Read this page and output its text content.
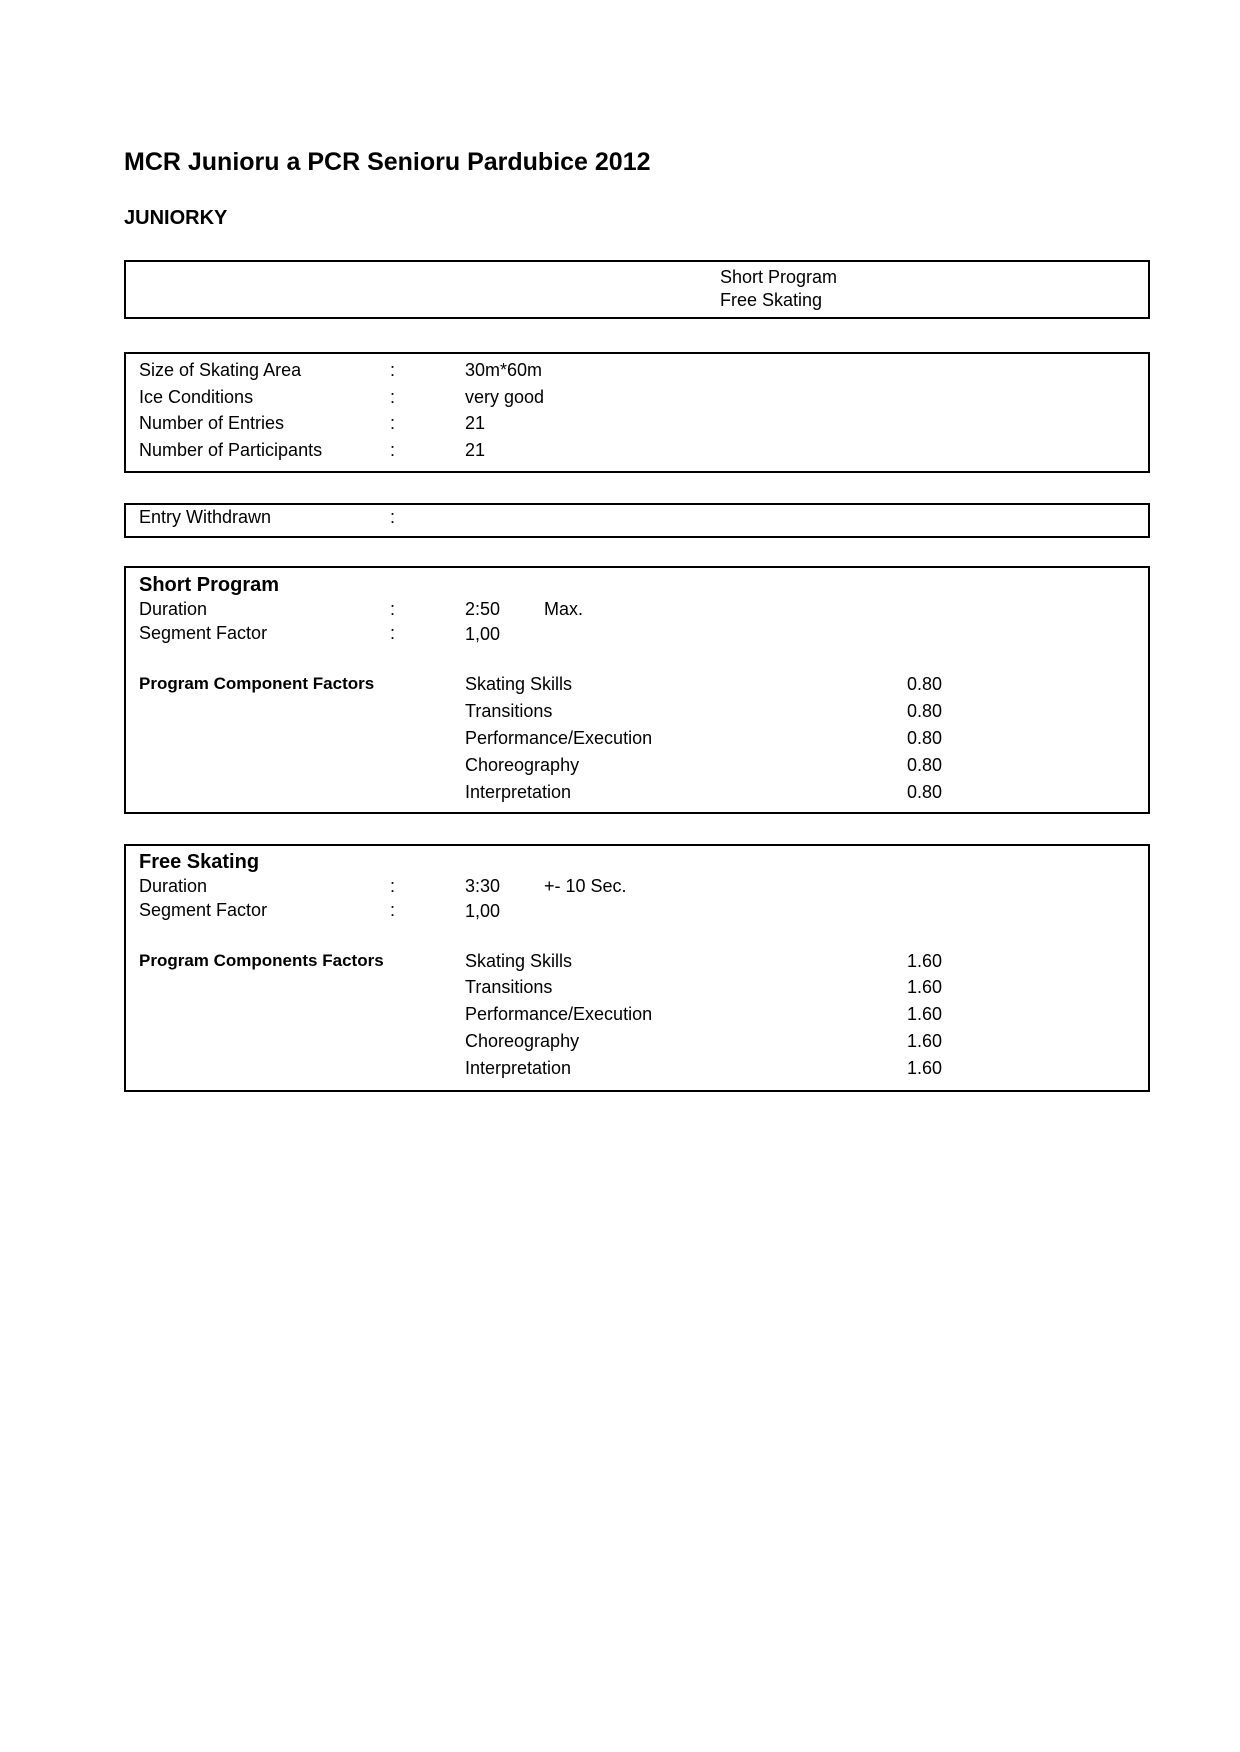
MCR Junioru a PCR Senioru Pardubice 2012
JUNIORKY
Short Program
Free Skating
Size of Skating Area	:	30m*60m
Ice Conditions	:	very good
Number of Entries	:	21
Number of Participants	:	21
Entry Withdrawn	:
Short Program
Duration	:	2:50 Max.
Segment Factor	:	1,00
Program Component Factors	Skating Skills	0.80
Transitions	0.80
Performance/Execution	0.80
Choreography	0.80
Interpretation	0.80
Free Skating
Duration	:	3:30 +- 10 Sec.
Segment Factor	:	1,00
Program Components Factors	Skating Skills	1.60
Transitions	1.60
Performance/Execution	1.60
Choreography	1.60
Interpretation	1.60
